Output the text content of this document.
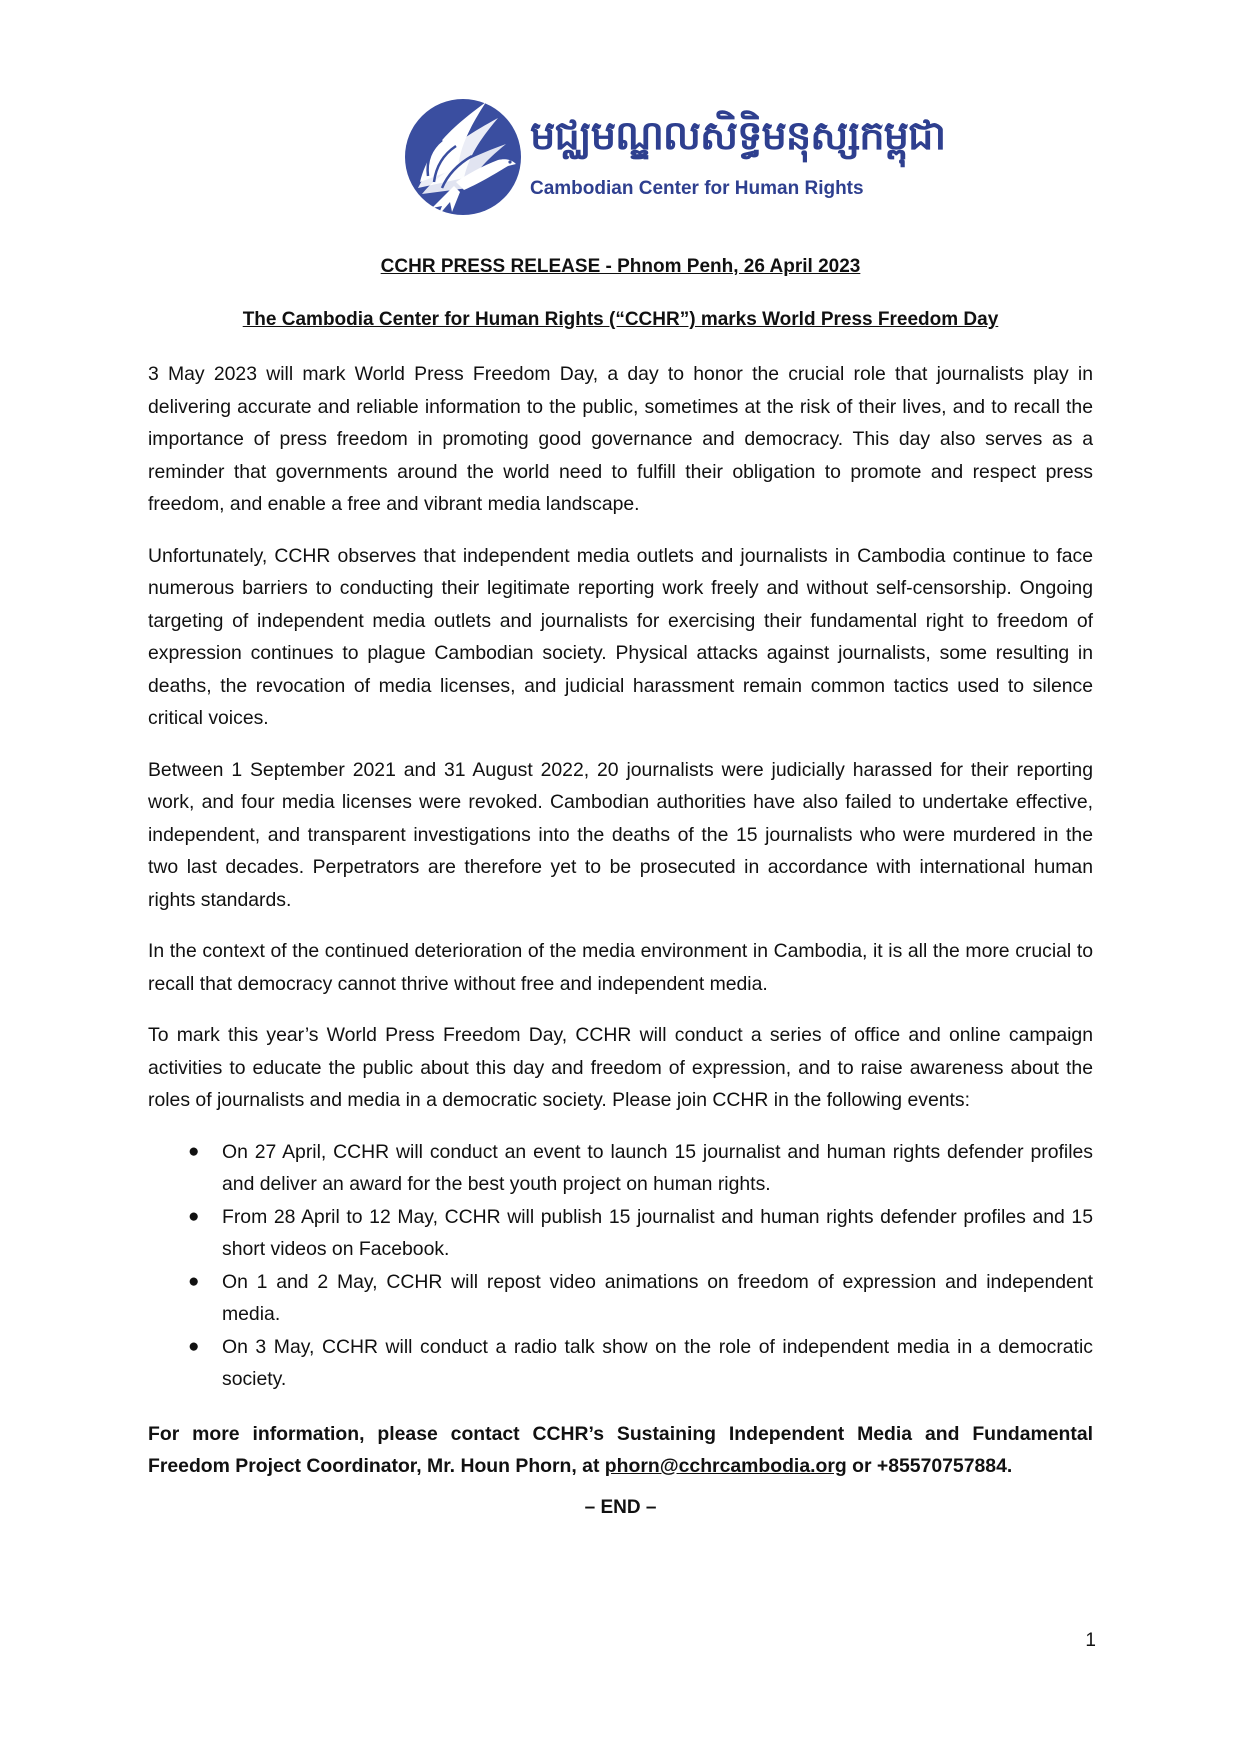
មជ្ឈមណ្ឌលសិទ្ធិមនុស្សកម្ពុជា
Cambodian Center for Human Rights
CCHR PRESS RELEASE - Phnom Penh, 26 April 2023
The Cambodia Center for Human Rights (“CCHR”) marks World Press Freedom Day

3 May 2023 will mark World Press Freedom Day, a day to honor the crucial role that journalists play in delivering accurate and reliable information to the public, sometimes at the risk of their lives, and to recall the importance of press freedom in promoting good governance and democracy. This day also serves as a reminder that governments around the world need to fulfill their obligation to promote and respect press freedom, and enable a free and vibrant media landscape.

Unfortunately, CCHR observes that independent media outlets and journalists in Cambodia continue to face numerous barriers to conducting their legitimate reporting work freely and without self-censorship. Ongoing targeting of independent media outlets and journalists for exercising their fundamental right to freedom of expression continues to plague Cambodian society. Physical attacks against journalists, some resulting in deaths, the revocation of media licenses, and judicial harassment remain common tactics used to silence critical voices.

Between 1 September 2021 and 31 August 2022, 20 journalists were judicially harassed for their reporting work, and four media licenses were revoked. Cambodian authorities have also failed to undertake effective, independent, and transparent investigations into the deaths of the 15 journalists who were murdered in the two last decades. Perpetrators are therefore yet to be prosecuted in accordance with international human rights standards.

In the context of the continued deterioration of the media environment in Cambodia, it is all the more crucial to recall that democracy cannot thrive without free and independent media.

To mark this year’s World Press Freedom Day, CCHR will conduct a series of office and online campaign activities to educate the public about this day and freedom of expression, and to raise awareness about the roles of journalists and media in a democratic society. Please join CCHR in the following events:

● On 27 April, CCHR will conduct an event to launch 15 journalist and human rights defender profiles and deliver an award for the best youth project on human rights.
● From 28 April to 12 May, CCHR will publish 15 journalist and human rights defender profiles and 15 short videos on Facebook.
● On 1 and 2 May, CCHR will repost video animations on freedom of expression and independent media.
● On 3 May, CCHR will conduct a radio talk show on the role of independent media in a democratic society.

For more information, please contact CCHR’s Sustaining Independent Media and Fundamental Freedom Project Coordinator, Mr. Houn Phorn, at phorn@cchrcambodia.org or +85570757884.

– END –
1
